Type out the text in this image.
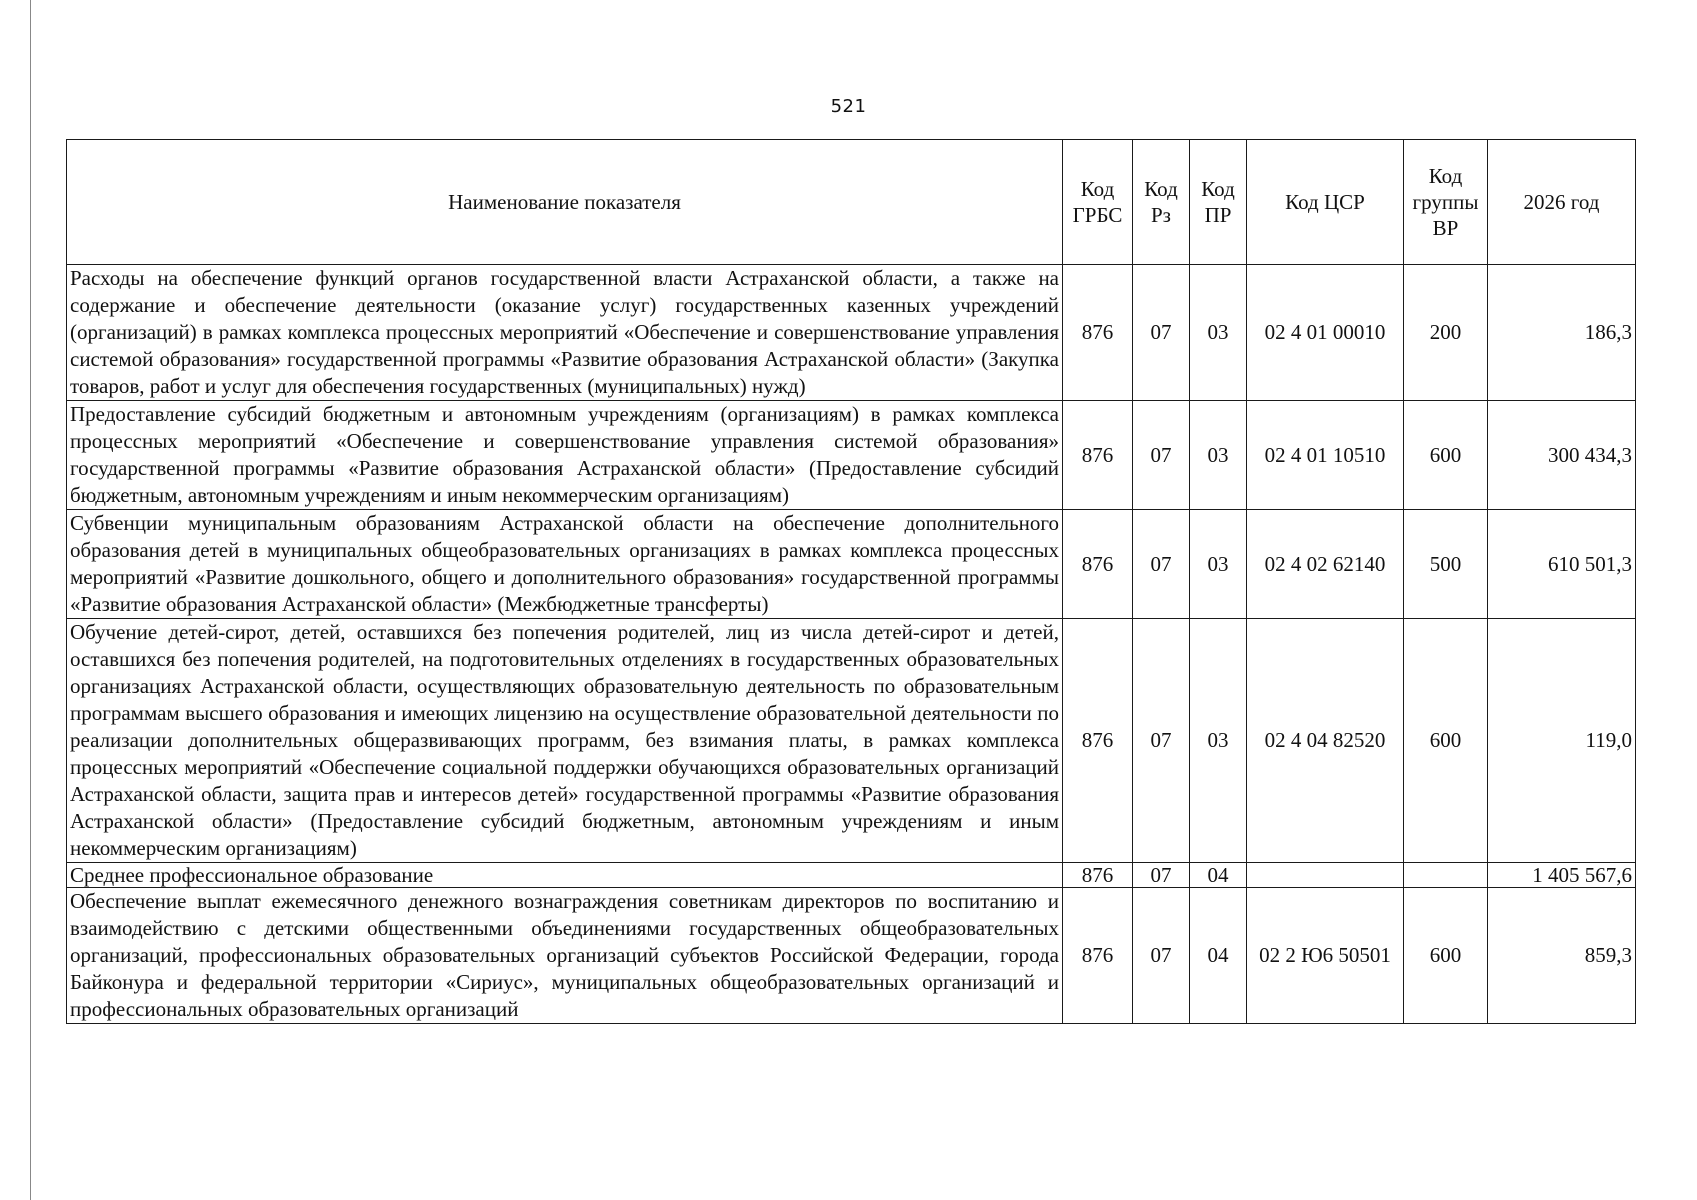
521
Наименование показателя	Код ГРБС	Код Рз	Код ПР	Код ЦСР	Код группы ВР	2026 год
Расходы на обеспечение функций органов государственной власти Астраханской области, а также на содержание и обеспечение деятельности (оказание услуг) государственных казенных учреждений (организаций) в рамках комплекса процессных мероприятий «Обеспечение и совершенствование управления системой образования» государственной программы «Развитие образования Астраханской области» (Закупка товаров, работ и услуг для обеспечения государственных (муниципальных) нужд)	876	07	03	02 4 01 00010	200	186,3
Предоставление субсидий бюджетным и автономным учреждениям (организациям) в рамках комплекса процессных мероприятий «Обеспечение и совершенствование управления системой образования» государственной программы «Развитие образования Астраханской области» (Предоставление субсидий бюджетным, автономным учреждениям и иным некоммерческим организациям)	876	07	03	02 4 01 10510	600	300 434,3
Субвенции муниципальным образованиям Астраханской области на обеспечение дополнительного образования детей в муниципальных общеобразовательных организациях в рамках комплекса процессных мероприятий «Развитие дошкольного, общего и дополнительного образования» государственной программы «Развитие образования Астраханской области» (Межбюджетные трансферты)	876	07	03	02 4 02 62140	500	610 501,3
Обучение детей-сирот, детей, оставшихся без попечения родителей, лиц из числа детей-сирот и детей, оставшихся без попечения родителей, на подготовительных отделениях в государственных образовательных организациях Астраханской области, осуществляющих образовательную деятельность по образовательным программам высшего образования и имеющих лицензию на осуществление образовательной деятельности по реализации дополнительных общеразвивающих программ, без взимания платы, в рамках комплекса процессных мероприятий «Обеспечение социальной поддержки обучающихся образовательных организаций Астраханской области, защита прав и интересов детей» государственной программы «Развитие образования Астраханской области» (Предоставление субсидий бюджетным, автономным учреждениям и иным некоммерческим организациям)	876	07	03	02 4 04 82520	600	119,0
Среднее профессиональное образование	876	07	04			1 405 567,6
Обеспечение выплат ежемесячного денежного вознаграждения советникам директоров по воспитанию и взаимодействию с детскими общественными объединениями государственных общеобразовательных организаций, профессиональных образовательных организаций субъектов Российской Федерации, города Байконура и федеральной территории «Сириус», муниципальных общеобразовательных организаций и профессиональных образовательных организаций	876	07	04	02 2 Ю6 50501	600	859,3
